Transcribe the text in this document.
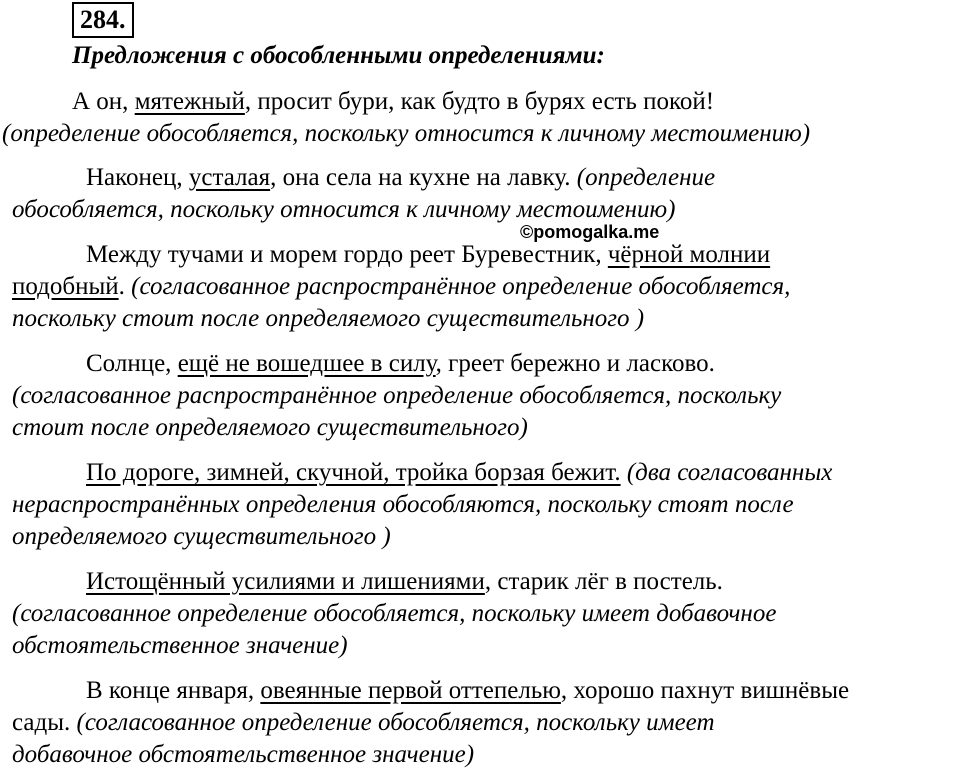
284.
Предложения с обособленными определениями:
А он, мятежный, просит бури, как будто в бурях есть покой!
(определение обособляется, поскольку относится к личному местоимению)
Наконец, усталая, она села на кухне на лавку. (определение
обособляется, поскольку относится к личному местоимению)
©pomogalka.me
Между тучами и морем гордо реет Буревестник, чёрной молнии
подобный. (согласованное распространённое определение обособляется,
поскольку стоит после определяемого существительного )
Солнце, ещё не вошедшее в силу, греет бережно и ласково.
(согласованное распространённое определение обособляется, поскольку
стоит после определяемого существительного)
По дороге, зимней, скучной, тройка борзая бежит. (два согласованных
нераспространённых определения обособляются, поскольку стоят после
определяемого существительного )
Истощённый усилиями и лишениями, старик лёг в постель.
(согласованное определение обособляется, поскольку имеет добавочное
обстоятельственное значение)
В конце января, овеянные первой оттепелью, хорошо пахнут вишнёвые
сады. (согласованное определение обособляется, поскольку имеет
добавочное обстоятельственное значение)
